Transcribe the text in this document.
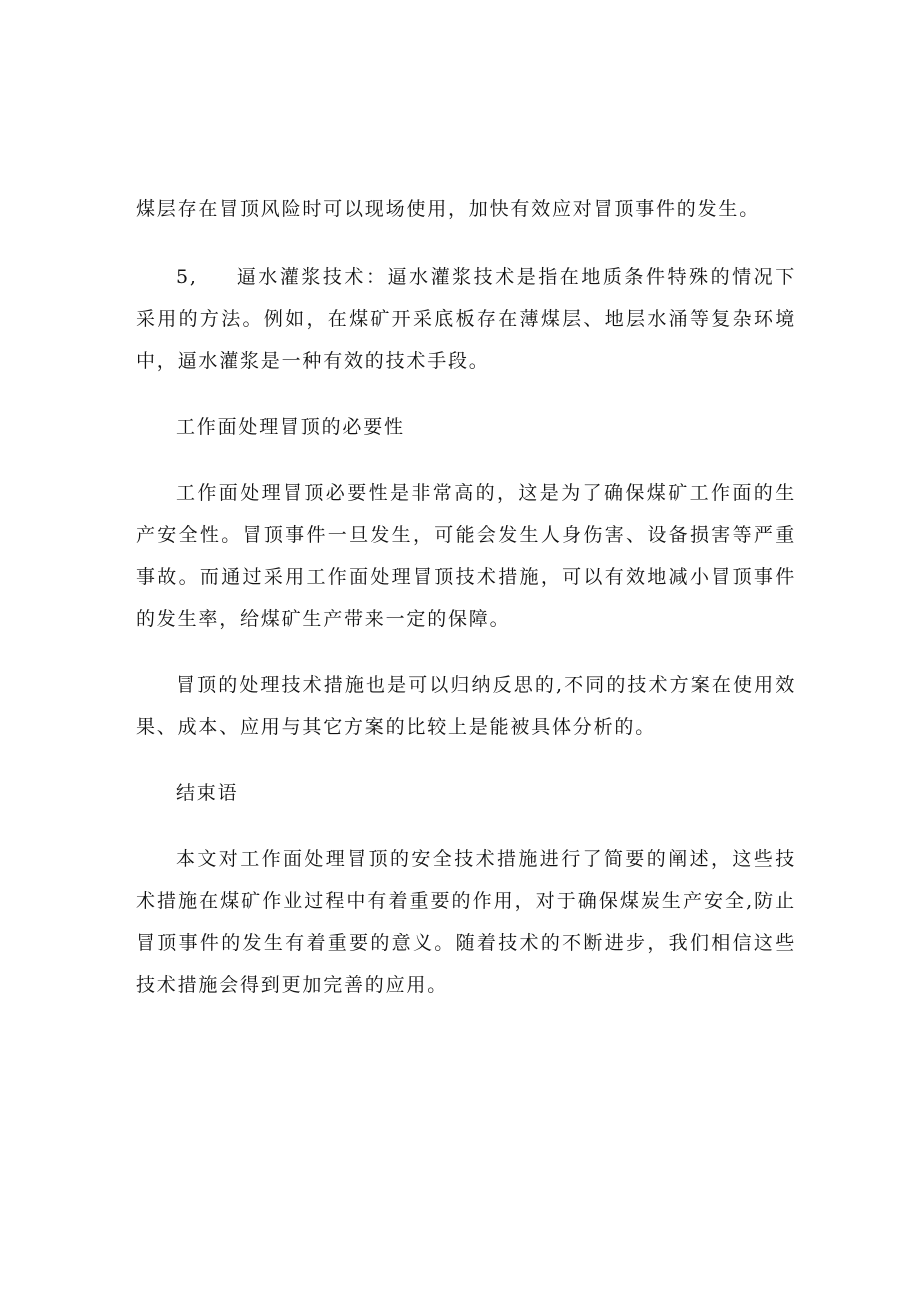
煤层存在冒顶风险时可以现场使用，加快有效应对冒顶事件的发生。

5, 逼水灌浆技术：逼水灌浆技术是指在地质条件特殊的情况下采用的方法。例如，在煤矿开采底板存在薄煤层、地层水涌等复杂环境中，逼水灌浆是一种有效的技术手段。

工作面处理冒顶的必要性

工作面处理冒顶必要性是非常高的，这是为了确保煤矿工作面的生产安全性。冒顶事件一旦发生，可能会发生人身伤害、设备损害等严重事故。而通过采用工作面处理冒顶技术措施，可以有效地减小冒顶事件的发生率，给煤矿生产带来一定的保障。

冒顶的处理技术措施也是可以归纳反思的,不同的技术方案在使用效果、成本、应用与其它方案的比较上是能被具体分析的。

结束语

本文对工作面处理冒顶的安全技术措施进行了简要的阐述，这些技术措施在煤矿作业过程中有着重要的作用，对于确保煤炭生产安全,防止冒顶事件的发生有着重要的意义。随着技术的不断进步，我们相信这些技术措施会得到更加完善的应用。
